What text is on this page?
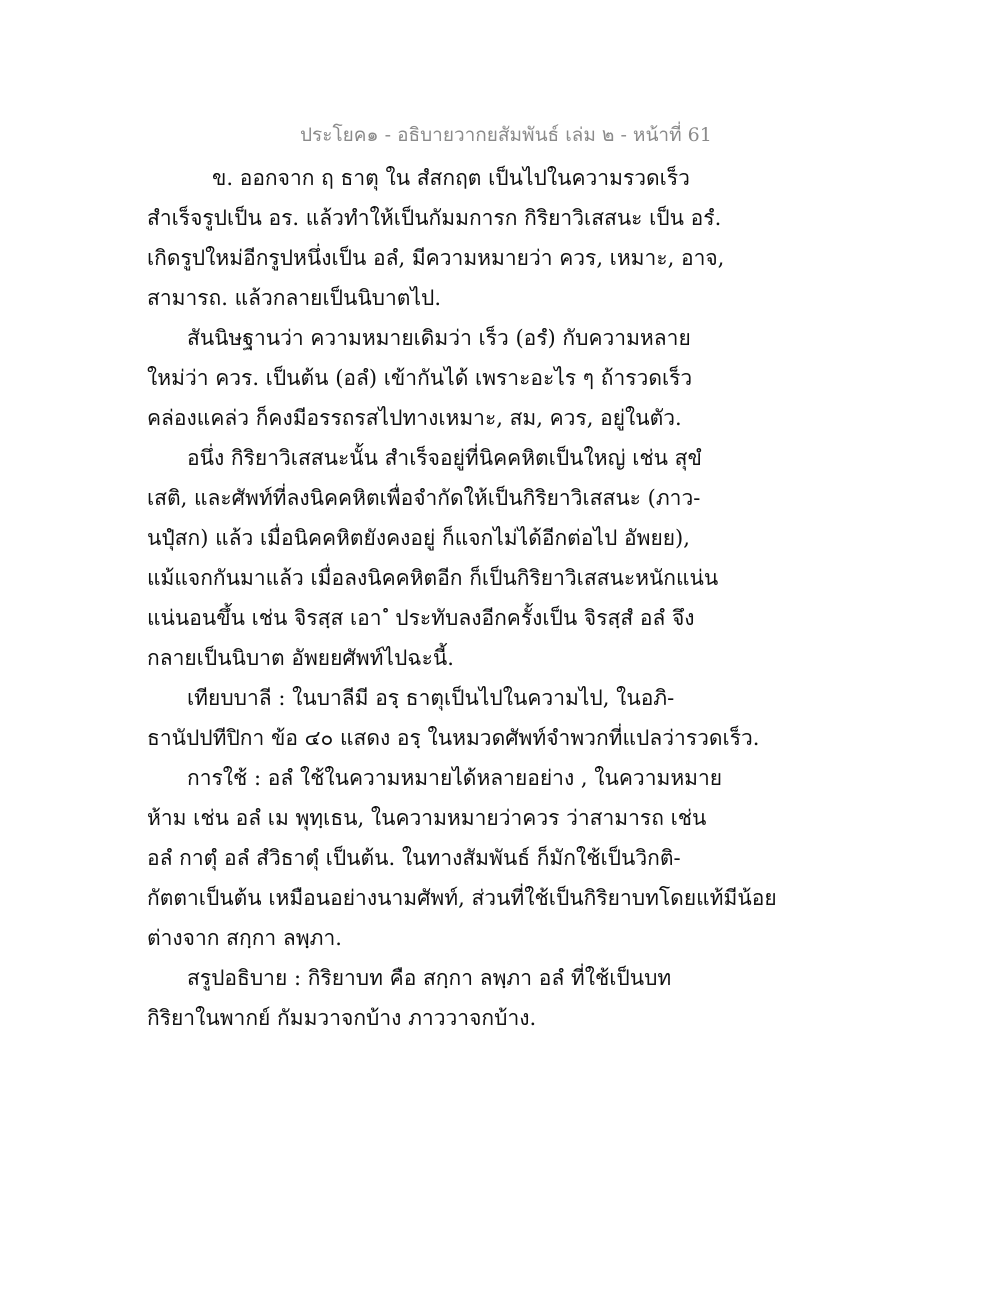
ประโยค๑ - อธิบายวากยสัมพันธ์ เล่ม ๒ - หน้าที่ 61
ข. ออกจาก ฤ ธาตุ ใน สํสกฤต เป็นไปในความรวดเร็ว
สำเร็จรูปเป็น อร. แล้วทำให้เป็นกัมมการก กิริยาวิเสสนะ เป็น อรํ.
เกิดรูปใหม่อีกรูปหนึ่งเป็น อลํ, มีความหมายว่า ควร, เหมาะ, อาจ,
สามารถ. แล้วกลายเป็นนิบาตไป.
สันนิษฐานว่า ความหมายเดิมว่า เร็ว (อรํ) กับความหลาย
ใหม่ว่า ควร. เป็นต้น (อลํ) เข้ากันได้ เพราะอะไร ๆ ถ้ารวดเร็ว
คล่องแคล่ว ก็คงมีอรรถรสไปทางเหมาะ, สม, ควร, อยู่ในตัว.
อนึ่ง กิริยาวิเสสนะนั้น สำเร็จอยู่ที่นิคคหิตเป็นใหญ่ เช่น สุขํ
เสติ, และศัพท์ที่ลงนิคคหิตเพื่อจำกัดให้เป็นกิริยาวิเสสนะ (ภาว-
นปุํสก) แล้ว เมื่อนิคคหิตยังคงอยู่ ก็แจกไม่ได้อีกต่อไป อัพยย),
แม้แจกกันมาแล้ว เมื่อลงนิคคหิตอีก ก็เป็นกิริยาวิเสสนะหนักแน่น
แน่นอนขึ้น เช่น จิรสฺส เอา ํ ประทับลงอีกครั้งเป็น จิรสฺสํ อลํ จึง
กลายเป็นนิบาต อัพยยศัพท์ไปฉะนี้.
เทียบบาลี : ในบาลีมี อรฺ ธาตุเป็นไปในความไป, ในอภิ-
ธานัปปทีปิกา ข้อ ๔๐ แสดง อรฺ ในหมวดศัพท์จำพวกที่แปลว่ารวดเร็ว.
การใช้ : อลํ ใช้ในความหมายได้หลายอย่าง , ในความหมาย
ห้าม เช่น อลํ เม พุทฺเธน, ในความหมายว่าควร ว่าสามารถ เช่น
อลํ กาตุํ อลํ สํวิธาตุํ เป็นต้น. ในทางสัมพันธ์ ก็มักใช้เป็นวิกติ-
กัตตาเป็นต้น เหมือนอย่างนามศัพท์, ส่วนที่ใช้เป็นกิริยาบทโดยแท้มีน้อย
ต่างจาก สกฺกา ลพฺภา.
สรูปอธิบาย : กิริยาบท คือ สกฺกา ลพฺภา อลํ ที่ใช้เป็นบท
กิริยาในพากย์ กัมมวาจกบ้าง ภาววาจกบ้าง.
